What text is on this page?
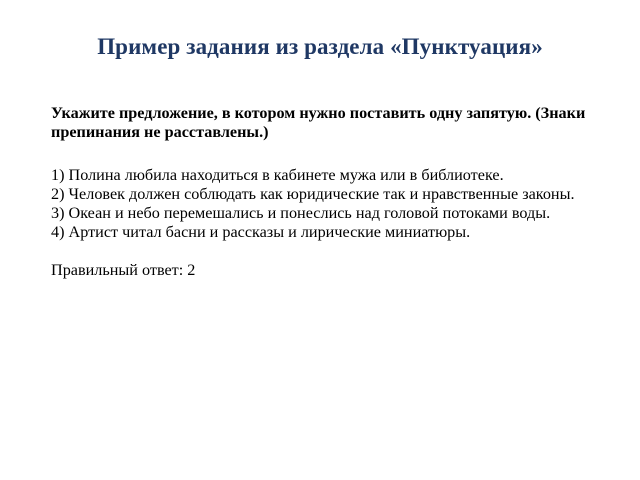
Пример задания из раздела «Пунктуация»

Укажите предложение, в котором нужно поставить одну запятую. (Знаки препинания не расставлены.)

1) Полина любила находиться в кабинете мужа или в библиотеке.
2) Человек должен соблюдать как юридические так и нравственные законы.
3) Океан и небо перемешались и понеслись над головой потоками воды.
4) Артист читал басни и рассказы и лирические миниатюры.

Правильный ответ: 2
